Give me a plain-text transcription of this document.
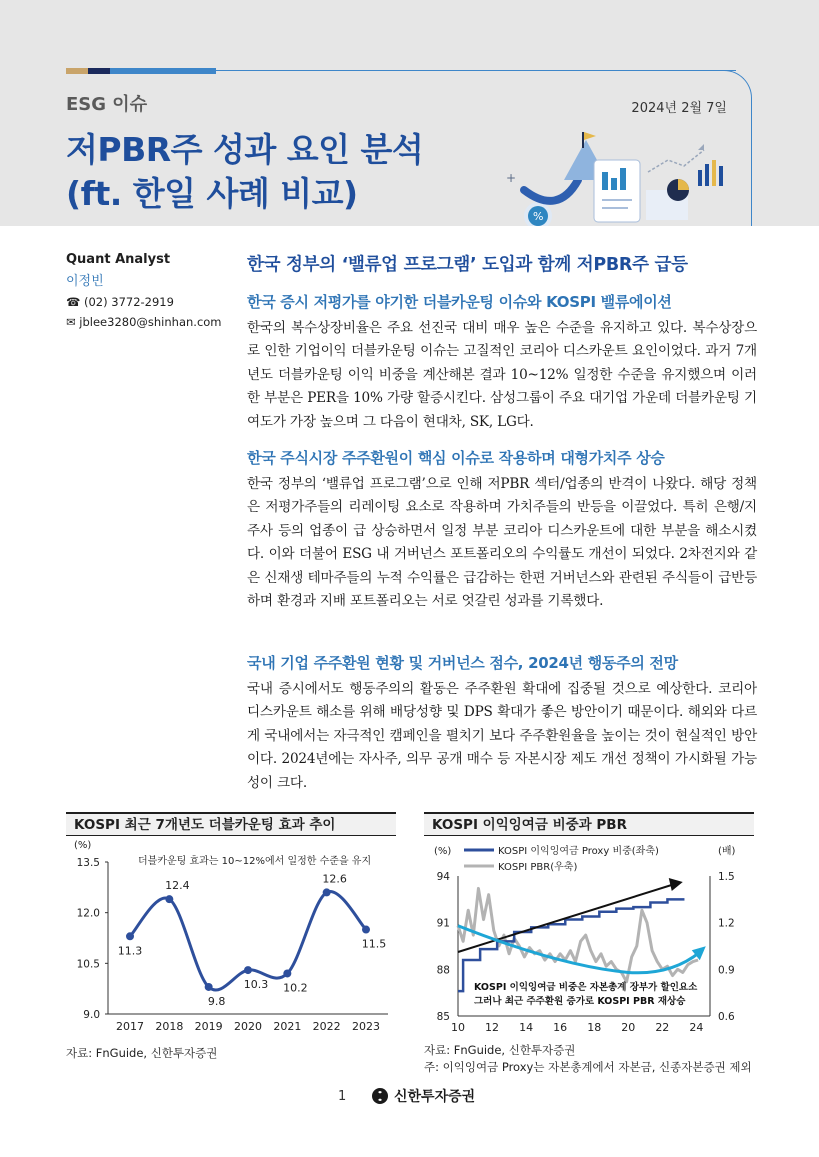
ESG 이슈	2024년 2월 7일
저PBR주 성과 요인 분석
(ft. 한일 사례 비교)
%
+
Quant Analyst
이정빈
☎ (02) 3772-2919
✉ jblee3280@shinhan.com
한국 정부의 ‘밸류업 프로그램’ 도입과 함께 저PBR주 급등
한국 증시 저평가를 야기한 더블카운팅 이슈와 KOSPI 밸류에이션
한국의 복수상장비율은 주요 선진국 대비 매우 높은 수준을 유지하고 있다. 복수상장으로 인한 기업이익 더블카운팅 이슈는 고질적인 코리아 디스카운트 요인이었다. 과거 7개년도 더블카운팅 이익 비중을 계산해본 결과 10~12% 일정한 수준을 유지했으며 이러한 부분은 PER을 10% 가량 할증시킨다. 삼성그룹이 주요 대기업 가운데 더블카운팅 기여도가 가장 높으며 그 다음이 현대차, SK, LG다.
한국 주식시장 주주환원이 핵심 이슈로 작용하며 대형가치주 상승
한국 정부의 ‘밸류업 프로그램’으로 인해 저PBR 섹터/업종의 반격이 나왔다. 해당 정책은 저평가주들의 리레이팅 요소로 작용하며 가치주들의 반등을 이끌었다. 특히 은행/지주사 등의 업종이 급 상승하면서 일정 부분 코리아 디스카운트에 대한 부분을 해소시켰다. 이와 더불어 ESG 내 거버넌스 포트폴리오의 수익률도 개선이 되었다. 2차전지와 같은 신재생 테마주들의 누적 수익률은 급감하는 한편 거버넌스와 관련된 주식들이 급반등하며 환경과 지배 포트폴리오는 서로 엇갈린 성과를 기록했다.
국내 기업 주주환원 현황 및 거버넌스 점수, 2024년 행동주의 전망
국내 증시에서도 행동주의의 활동은 주주환원 확대에 집중될 것으로 예상한다. 코리아 디스카운트 해소를 위해 배당성향 및 DPS 확대가 좋은 방안이기 때문이다. 해외와 다르게 국내에서는 자극적인 캠페인을 펼치기 보다 주주환원율을 높이는 것이 현실적인 방안이다. 2024년에는 자사주, 의무 공개 매수 등 자본시장 제도 개선 정책이 가시화될 가능성이 크다.
KOSPI 최근 7개년도 더블카운팅 효과 추이
(%)
더블카운팅 효과는 10~12%에서 일정한 수준을 유지
9.0
10.5
12.0
13.5
2017 2018 2019 2020 2021 2022 2023
11.3
12.4
9.8
10.3 10.2
12.6
11.5
자료: FnGuide, 신한투자증권
KOSPI 이익잉여금 비중과 PBR
(%)	(배)
KOSPI 이익잉여금 Proxy 비중(좌축)
KOSPI PBR(우축)
85
88
91
94
0.6
0.9
1.2
1.5
10 12 14 16 18 20 22 24
KOSPI 이익잉여금 비중은 자본총계 장부가 할인요소
그러나 최근 주주환원 증가로 KOSPI PBR 재상승
자료: FnGuide, 신한투자증권
주: 이익잉여금 Proxy는 자본총계에서 자본금, 신종자본증권 제외
1	신한투자증권
